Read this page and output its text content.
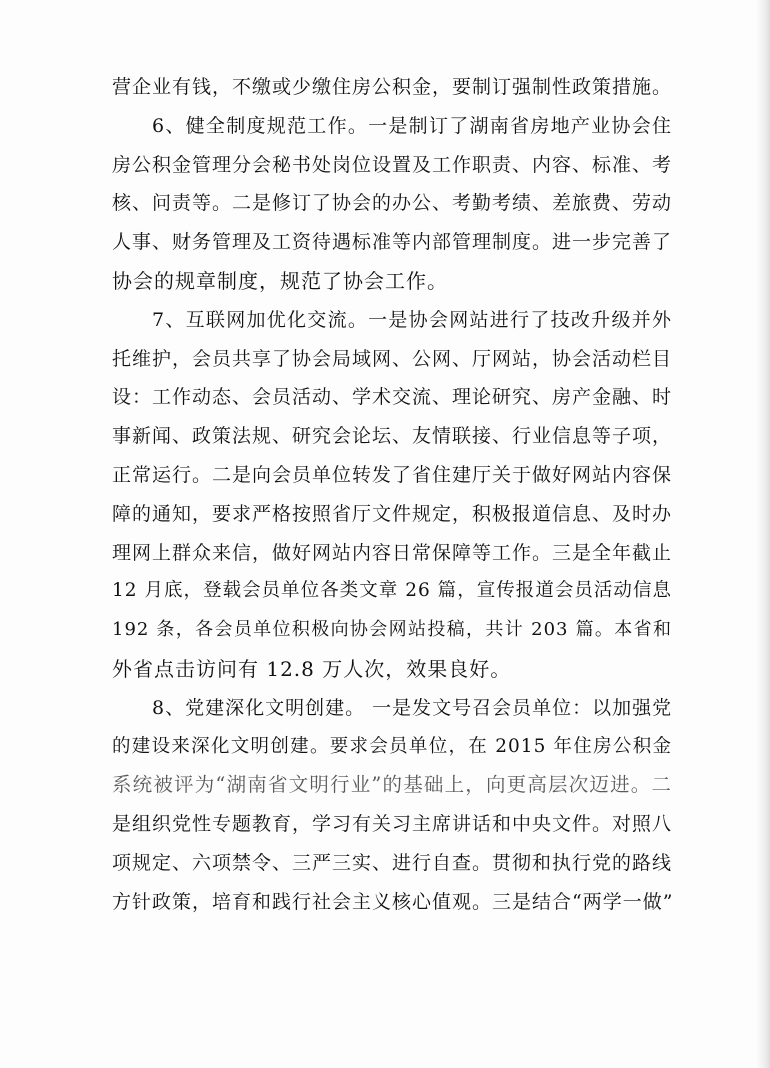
营企业有钱，不缴或少缴住房公积金，要制订强制性政策措施。
6、健全制度规范工作。一是制订了湖南省房地产业协会住
房公积金管理分会秘书处岗位设置及工作职责、内容、标准、考
核、问责等。二是修订了协会的办公、考勤考绩、差旅费、劳动
人事、财务管理及工资待遇标准等内部管理制度。进一步完善了
协会的规章制度，规范了协会工作。
7、互联网加优化交流。一是协会网站进行了技改升级并外
托维护，会员共享了协会局域网、公网、厅网站，协会活动栏目
设：工作动态、会员活动、学术交流、理论研究、房产金融、时
事新闻、政策法规、研究会论坛、友情联接、行业信息等子项，
正常运行。二是向会员单位转发了省住建厅关于做好网站内容保
障的通知，要求严格按照省厅文件规定，积极报道信息、及时办
理网上群众来信，做好网站内容日常保障等工作。三是全年截止
12 月底，登载会员单位各类文章 26 篇，宣传报道会员活动信息
192 条，各会员单位积极向协会网站投稿，共计 203 篇。本省和
外省点击访问有 12.8 万人次，效果良好。
8、党建深化文明创建。 一是发文号召会员单位：以加强党
的建设来深化文明创建。要求会员单位，在 2015 年住房公积金
系统被评为“湖南省文明行业”的基础上，向更高层次迈进。二
是组织党性专题教育，学习有关习主席讲话和中央文件。对照八
项规定、六项禁令、三严三实、进行自查。贯彻和执行党的路线
方针政策，培育和践行社会主义核心值观。三是结合“两学一做”
